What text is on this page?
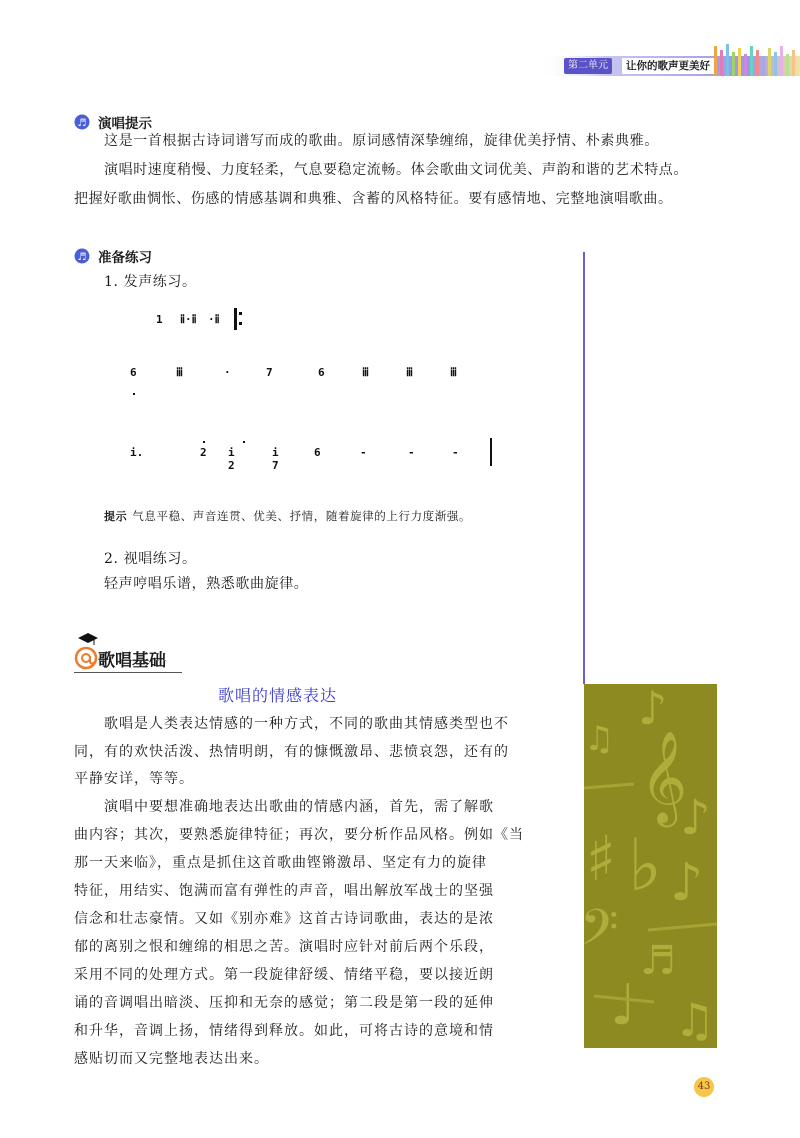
第二单元	让你的歌声更美好
♬ 演唱提示

这是一首根据古诗词谱写而成的歌曲。原词感情深挚缠绵，旋律优美抒情、朴素典雅。

演唱时速度稍慢、力度轻柔，气息要稳定流畅。体会歌曲文词优美、声韵和谐的艺术特点。

把握好歌曲惆怅、伤感的情感基调和典雅、含蓄的风格特征。要有感情地、完整地演唱歌曲。

♬ 准备练习

1. 发声练习。

1 ⅱ·ⅱ ·ⅱ
6	ⅲ	·	7	6	ⅲ	ⅲ	ⅲ
i.	2 i 2
i 7
6	-	-	-

提示 气息平稳、声音连贯、优美、抒情，随着旋律的上行力度渐强。

2. 视唱练习。

轻声哼唱乐谱，熟悉歌曲旋律。

♪
♫ 𝄞
♪
♯ ♭ ♪
𝄢 ♬
♩ ♫
歌唱基础
歌唱的情感表达

歌唱是人类表达情感的一种方式，不同的歌曲其情感类型也不

同，有的欢快活泼、热情明朗，有的慷慨激昂、悲愤哀怨，还有的

平静安详，等等。

演唱中要想准确地表达出歌曲的情感内涵，首先，需了解歌

曲内容；其次，要熟悉旋律特征；再次，要分析作品风格。例如《当

那一天来临》，重点是抓住这首歌曲铿锵激昂、坚定有力的旋律

特征，用结实、饱满而富有弹性的声音，唱出解放军战士的坚强

信念和壮志豪情。又如《别亦难》这首古诗词歌曲，表达的是浓

郁的离别之恨和缠绵的相思之苦。演唱时应针对前后两个乐段，

采用不同的处理方式。第一段旋律舒缓、情绪平稳，要以接近朗

诵的音调唱出暗淡、压抑和无奈的感觉；第二段是第一段的延伸

和升华，音调上扬，情绪得到释放。如此，可将古诗的意境和情

感贴切而又完整地表达出来。

43
